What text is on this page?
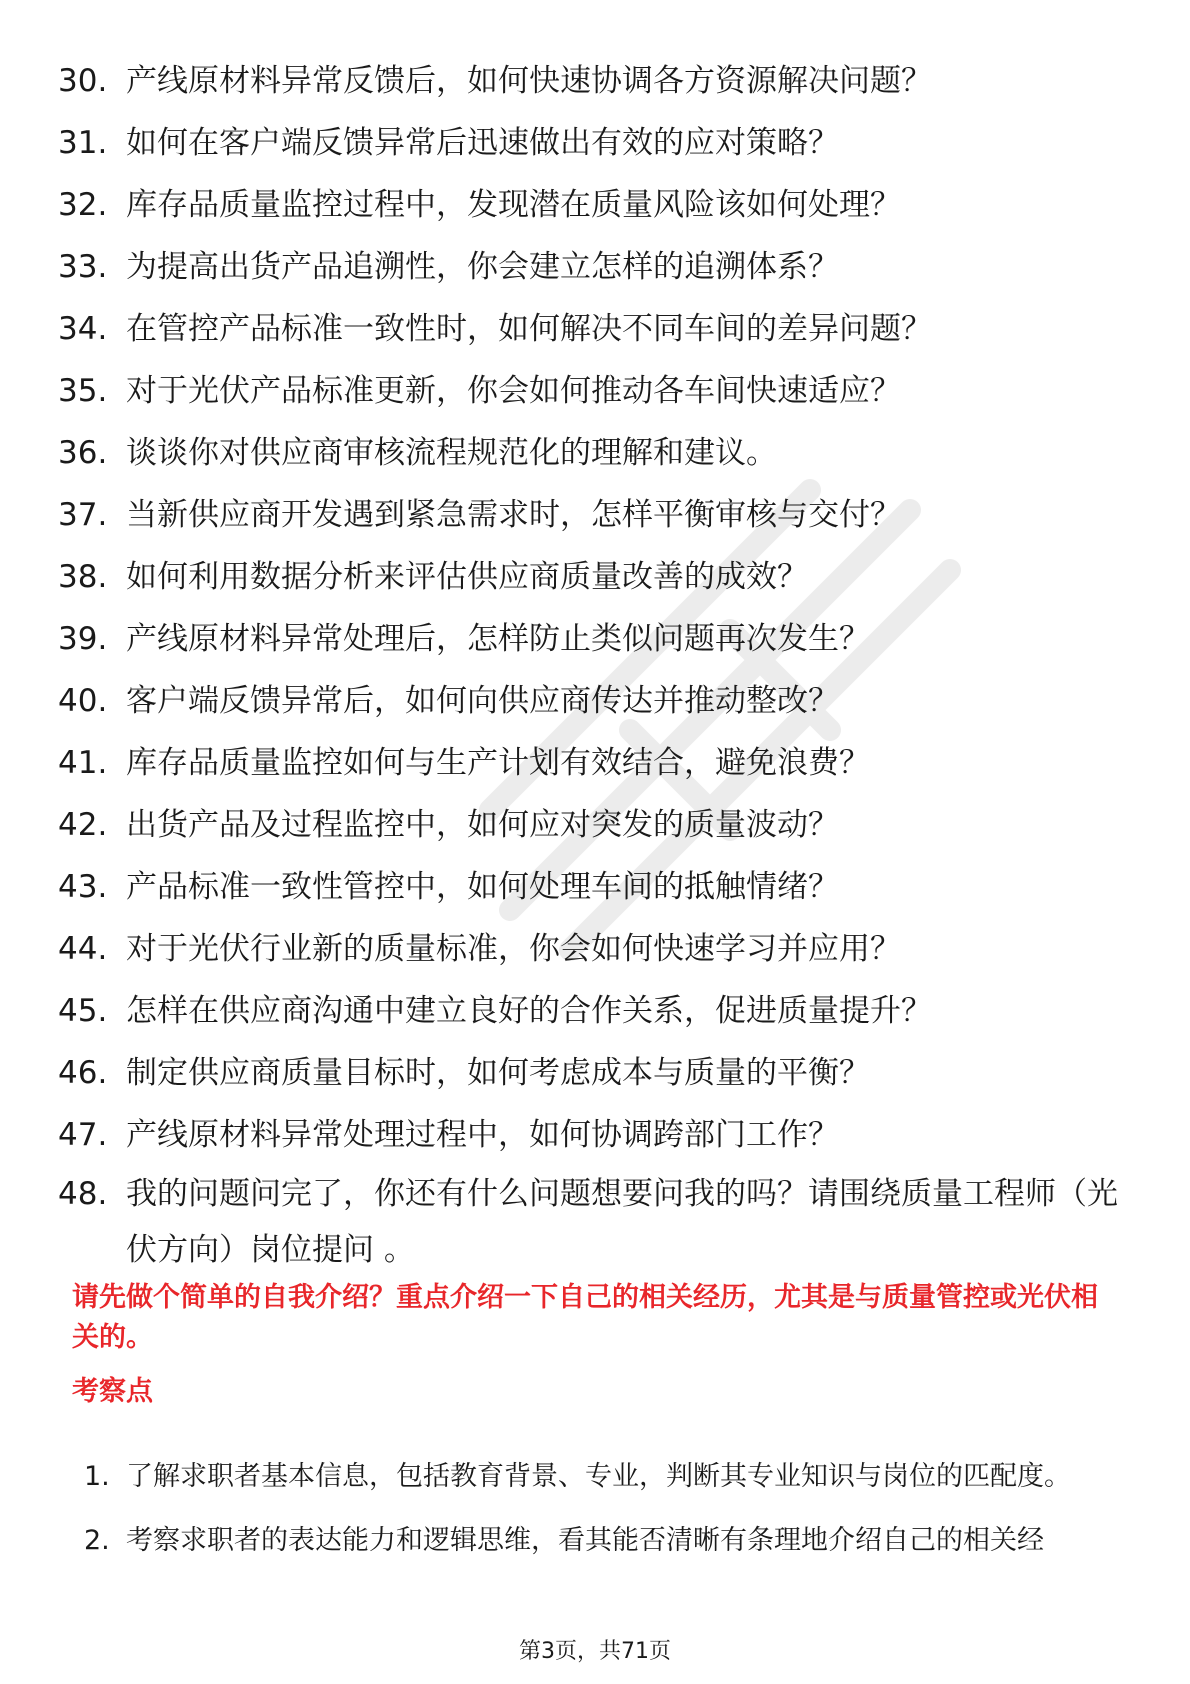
30. 产线原材料异常反馈后，如何快速协调各方资源解决问题？
31. 如何在客户端反馈异常后迅速做出有效的应对策略？
32. 库存品质量监控过程中，发现潜在质量风险该如何处理？
33. 为提高出货产品追溯性，你会建立怎样的追溯体系？
34. 在管控产品标准一致性时，如何解决不同车间的差异问题？
35. 对于光伏产品标准更新，你会如何推动各车间快速适应？
36. 谈谈你对供应商审核流程规范化的理解和建议。
37. 当新供应商开发遇到紧急需求时，怎样平衡审核与交付？
38. 如何利用数据分析来评估供应商质量改善的成效？
39. 产线原材料异常处理后，怎样防止类似问题再次发生？
40. 客户端反馈异常后，如何向供应商传达并推动整改？
41. 库存品质量监控如何与生产计划有效结合，避免浪费？
42. 出货产品及过程监控中，如何应对突发的质量波动？
43. 产品标准一致性管控中，如何处理车间的抵触情绪？
44. 对于光伏行业新的质量标准，你会如何快速学习并应用？
45. 怎样在供应商沟通中建立良好的合作关系，促进质量提升？
46. 制定供应商质量目标时，如何考虑成本与质量的平衡？
47. 产线原材料异常处理过程中，如何协调跨部门工作？
48. 我的问题问完了，你还有什么问题想要问我的吗？请围绕质量工程师（光伏方向）岗位提问 。

请先做个简单的自我介绍？重点介绍一下自己的相关经历，尤其是与质量管控或光伏相关的。

考察点

1. 了解求职者基本信息，包括教育背景、专业，判断其专业知识与岗位的匹配度。
2. 考察求职者的表达能力和逻辑思维，看其能否清晰有条理地介绍自己的相关经
第3页，共71页
